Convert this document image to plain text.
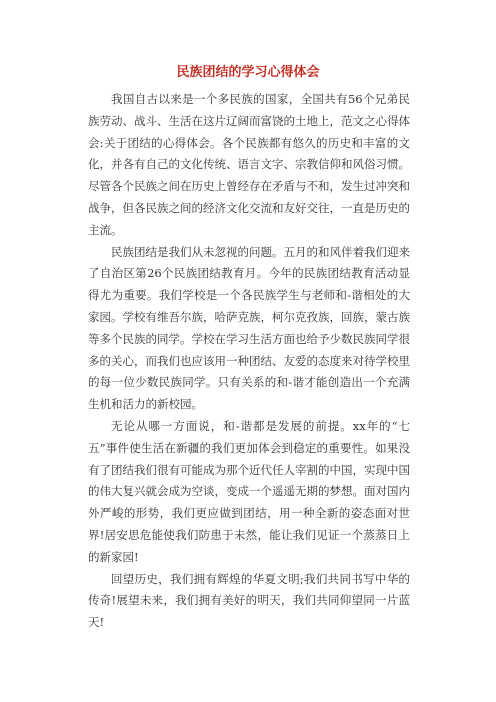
民族团结的学习心得体会

我国自古以来是一个多民族的国家，全国共有56个兄弟民族劳动、战斗、生活在这片辽阔而富饶的土地上，范文之心得体会:关于团结的心得体会。各个民族都有悠久的历史和丰富的文化，并各有自己的文化传统、语言文字、宗教信仰和风俗习惯。尽管各个民族之间在历史上曾经存在矛盾与不和，发生过冲突和战争，但各民族之间的经济文化交流和友好交往，一直是历史的主流。

民族团结是我们从未忽视的问题。五月的和风伴着我们迎来了自治区第26个民族团结教育月。今年的民族团结教育活动显得尤为重要。我们学校是一个各民族学生与老师和-谐相处的大家园。学校有维吾尔族，哈萨克族，柯尔克孜族，回族，蒙古族等多个民族的同学。学校在学习生活方面也给予少数民族同学很多的关心，而我们也应该用一种团结、友爱的态度来对待学校里的每一位少数民族同学。只有关系的和-谐才能创造出一个充满生机和活力的新校园。

无论从哪一方面说，和-谐都是发展的前提。xx年的“七五”事件使生活在新疆的我们更加体会到稳定的重要性。如果没有了团结我们很有可能成为那个近代任人宰割的中国，实现中国的伟大复兴就会成为空谈，变成一个遥遥无期的梦想。面对国内外严峻的形势，我们更应做到团结，用一种全新的姿态面对世界!居安思危能使我们防患于未然，能让我们见证一个蒸蒸日上的新家园!

回望历史，我们拥有辉煌的华夏文明;我们共同书写中华的传奇!展望未来，我们拥有美好的明天，我们共同仰望同一片蓝天!
